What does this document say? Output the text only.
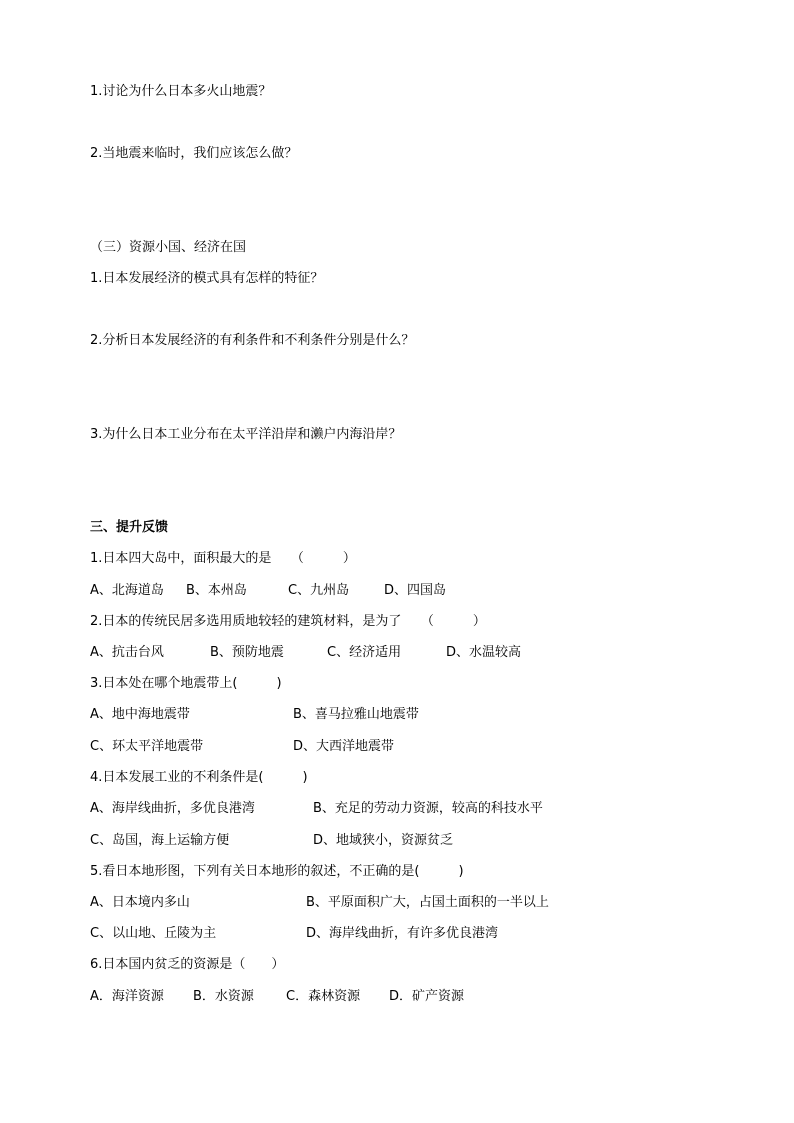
1.讨论为什么日本多火山地震？
2.当地震来临时，我们应该怎么做？
（三）资源小国、经济在国
1.日本发展经济的模式具有怎样的特征？
2.分析日本发展经济的有利条件和不利条件分别是什么？
3.为什么日本工业分布在太平洋沿岸和濑户内海沿岸？
三、提升反馈
1.日本四大岛中，面积最大的是　　（　　　）
A、北海道岛 B、本州岛	C、九州岛	D、四国岛
2.日本的传统民居多选用质地较轻的建筑材料，是为了　　（　　　）
A、抗击台风	B、预防地震	C、经济适用	D、水温较高
3.日本处在哪个地震带上(　　　)
A、地中海地震带	B、喜马拉雅山地震带
C、环太平洋地震带	D、大西洋地震带
4.日本发展工业的不利条件是(　　　)
A、海岸线曲折，多优良港湾	B、充足的劳动力资源，较高的科技水平
C、岛国，海上运输方便	D、地域狭小，资源贫乏
5.看日本地形图，下列有关日本地形的叙述，不正确的是(　　　)
A、日本境内多山	B、平原面积广大，占国土面积的一半以上
C、以山地、丘陵为主	D、海岸线曲折，有许多优良港湾
6.日本国内贫乏的资源是（　　）
A．海洋资源 B．水资源 C．森林资源 D．矿产资源
